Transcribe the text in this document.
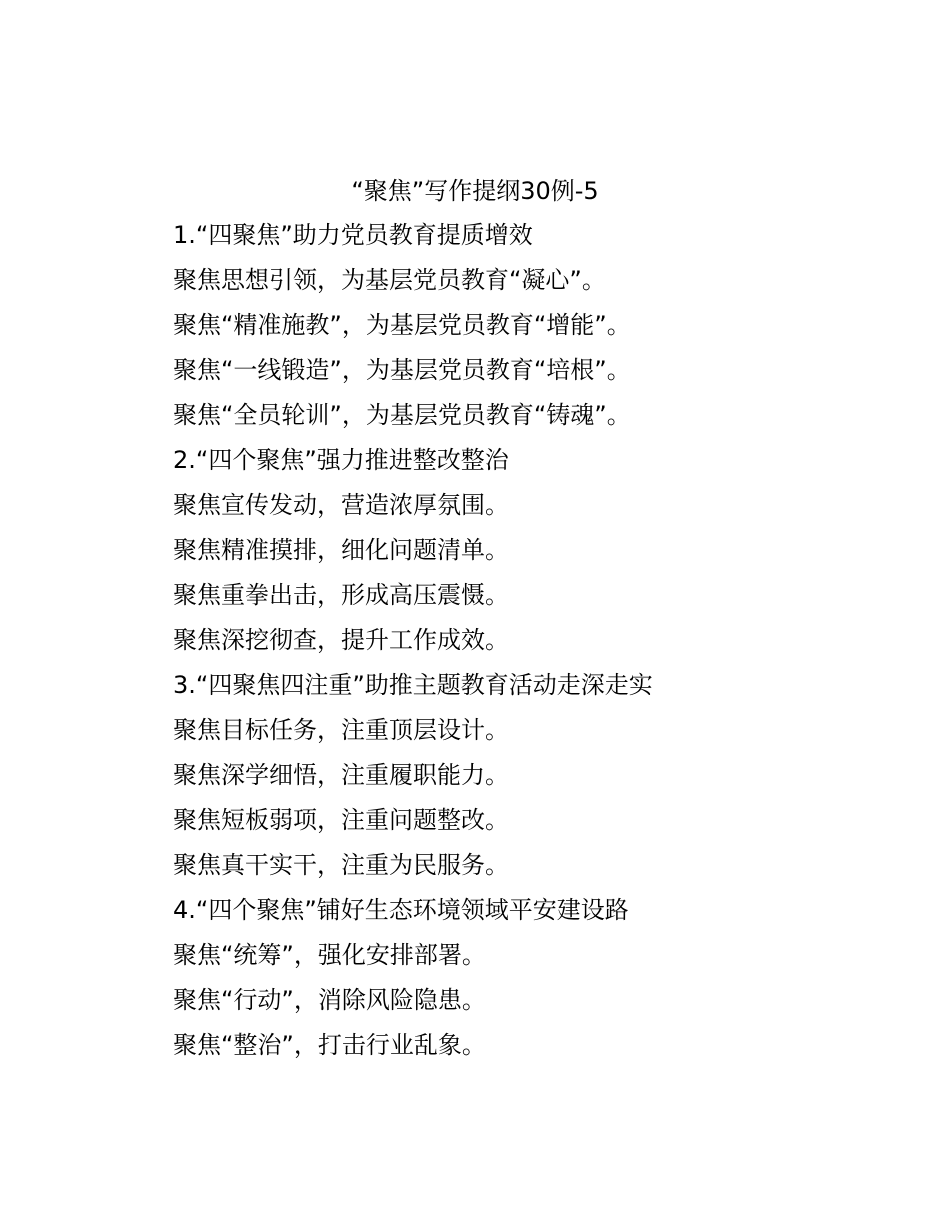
“聚焦”写作提纲30例-5
1.“四聚焦”助力党员教育提质增效
聚焦思想引领，为基层党员教育“凝心”。
聚焦“精准施教”，为基层党员教育“增能”。
聚焦“一线锻造”，为基层党员教育“培根”。
聚焦“全员轮训”，为基层党员教育“铸魂”。
2.“四个聚焦”强力推进整改整治
聚焦宣传发动，营造浓厚氛围。
聚焦精准摸排，细化问题清单。
聚焦重拳出击，形成高压震慑。
聚焦深挖彻查，提升工作成效。
3.“四聚焦四注重”助推主题教育活动走深走实
聚焦目标任务，注重顶层设计。
聚焦深学细悟，注重履职能力。
聚焦短板弱项，注重问题整改。
聚焦真干实干，注重为民服务。
4.“四个聚焦”铺好生态环境领域平安建设路
聚焦“统筹”，强化安排部署。
聚焦“行动”，消除风险隐患。
聚焦“整治”，打击行业乱象。
